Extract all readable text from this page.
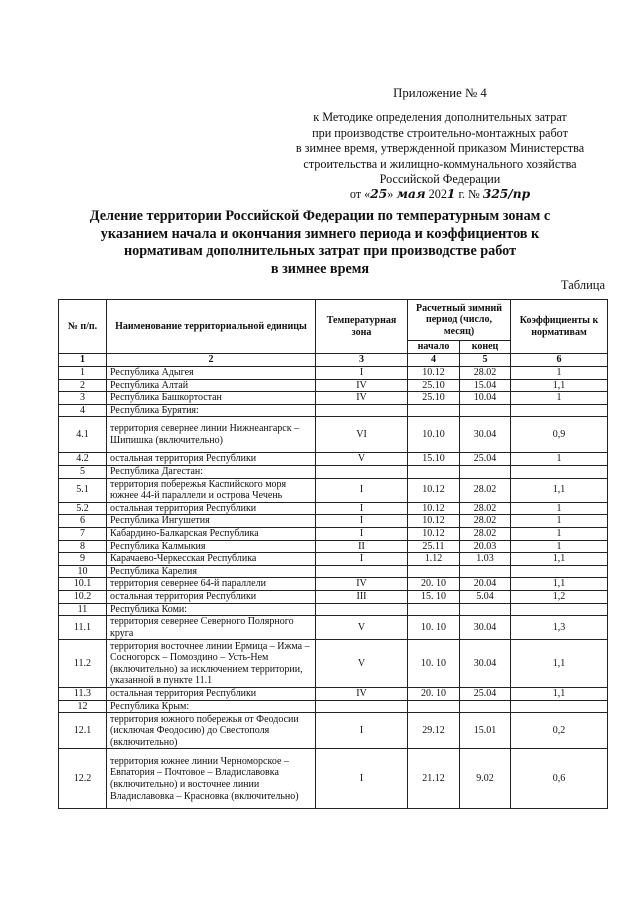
Приложение № 4
к Методике определения дополнительных затрат
при производстве строительно-монтажных работ
в зимнее время, утвержденной приказом Министерства
строительства и жилищно-коммунального хозяйства
Российской Федерации
от «25» мая 2021 г. № 325/пр
Деление территории Российской Федерации по температурным зонам с
указанием начала и окончания зимнего периода и коэффициентов к
нормативам дополнительных затрат при производстве работ
в зимнее время
Таблица
№ п/п.	Наименование территориальной единицы	Температурная зона	Расчетный зимний период (число, месяц)		Коэффициенты к нормативам
			начало	конец	
1	2	3	4	5	6
1	Республика Адыгея	I	10.12	28.02	1
2	Республика Алтай	IV	25.10	15.04	1,1
3	Республика Башкортостан	IV	25.10	10.04	1
4	Республика Бурятия:				
4.1	территория севернее линии Нижнеангарск – Шипишка (включительно)	VI	10.10	30.04	0,9
4.2	остальная территория Республики	V	15.10	25.04	1
5	Республика Дагестан:				
5.1	территория побережья Каспийского моря южнее 44-й параллели и острова Чечень	I	10.12	28.02	1,1
5.2	остальная территория Республики	I	10.12	28.02	1
6	Республика Ингушетия	I	10.12	28.02	1
7	Кабардино-Балкарская Республика	I	10.12	28.02	1
8	Республика Калмыкия	II	25.11	20.03	1
9	Карачаево-Черкесская Республика	I	1.12	1.03	1,1
10	Республика Карелия				
10.1	территория севернее 64-й параллели	IV	20. 10	20.04	1,1
10.2	остальная территория Республики	III	15. 10	5.04	1,2
11	Республика Коми:				
11.1	территория севернее Северного Полярного круга	V	10. 10	30.04	1,3
11.2	территория восточнее линии Ермица – Ижма – Сосногорск – Помоздино – Усть-Нем (включительно) за исключением территории, указанной в пункте 11.1	V	10. 10	30.04	1,1
11.3	остальная территория Республики	IV	20. 10	25.04	1,1
12	Республика Крым:				
12.1	территория южного побережья от Феодосии (исключая Феодосию) до Свестополя (включительно)	I	29.12	15.01	0,2
12.2	территория южнее линии Черноморское – Евпатория – Почтовое – Владиславовка (включительно) и восточнее линии Владиславовка – Красновка (включительно)	I	21.12	9.02	0,6
